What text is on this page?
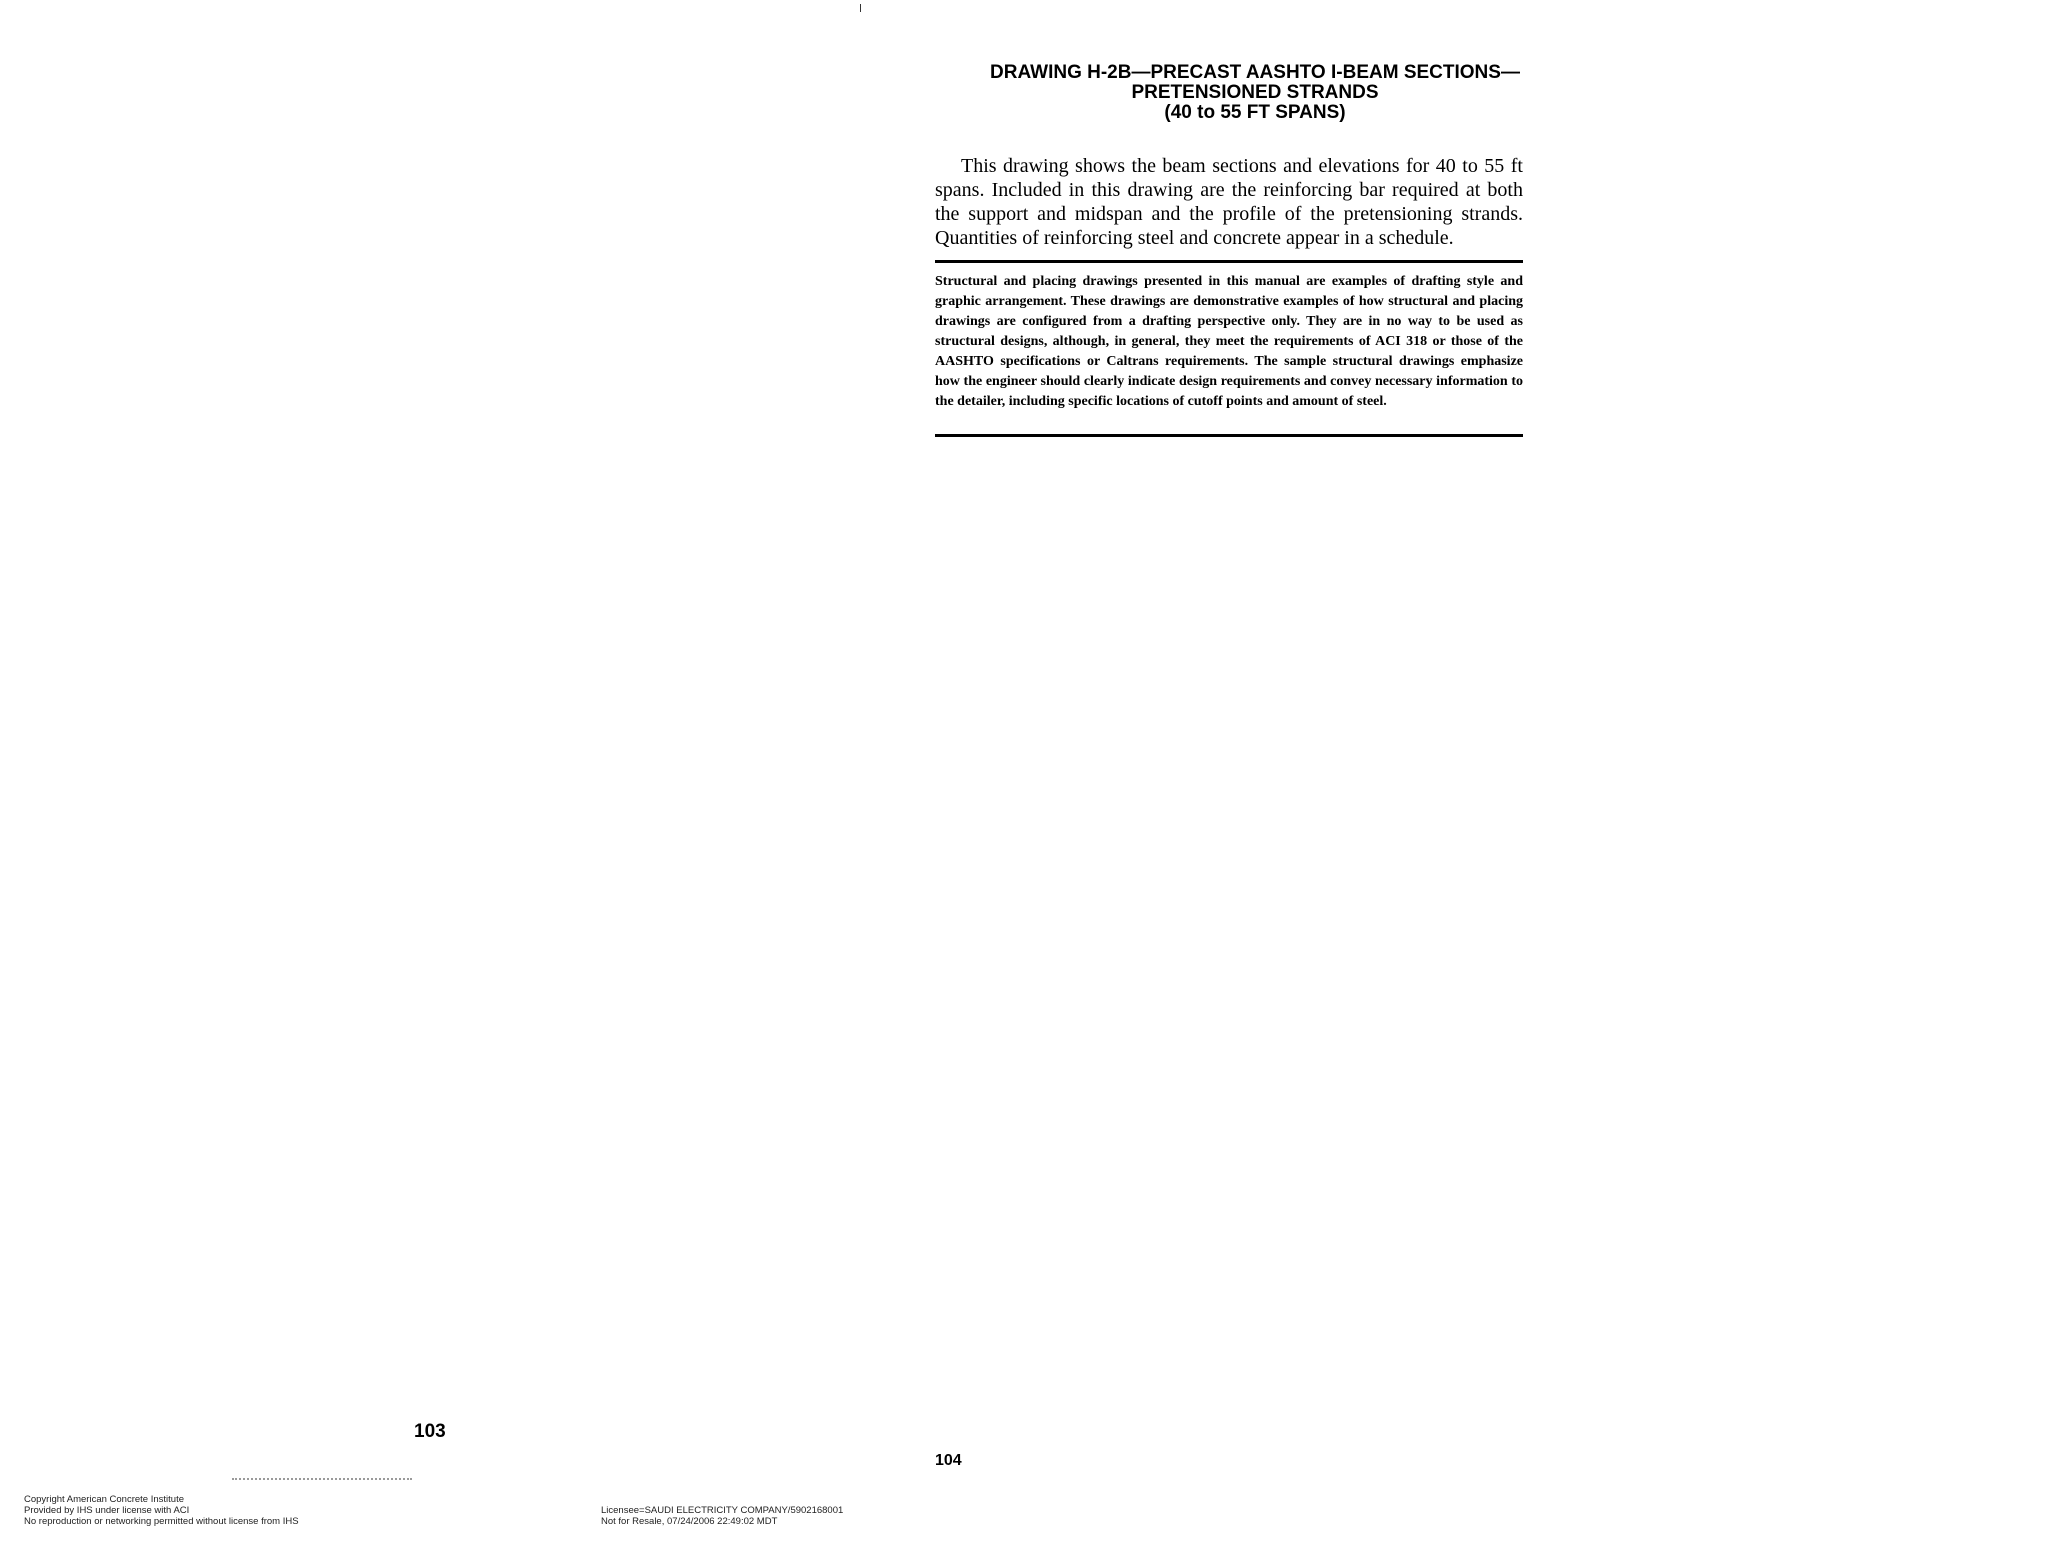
DRAWING H-2B—PRECAST AASHTO I-BEAM SECTIONS—
PRETENSIONED STRANDS
(40 to 55 FT SPANS)

This drawing shows the beam sections and elevations for 40 to 55 ft spans. Included in this drawing are the reinforcing bar required at both the support and midspan and the profile of the pretensioning strands. Quantities of reinforcing steel and concrete appear in a schedule.

Structural and placing drawings presented in this manual are examples of drafting style and graphic arrangement. These drawings are demonstrative examples of how structural and placing drawings are configured from a drafting perspective only. They are in no way to be used as structural designs, although, in general, they meet the requirements of ACI 318 or those of the AASHTO specifications or Caltrans requirements. The sample structural drawings emphasize how the engineer should clearly indicate design requirements and convey necessary information to the detailer, including specific locations of cutoff points and amount of steel.

103

104

Copyright American Concrete Institute
Provided by IHS under license with ACI
No reproduction or networking permitted without license from IHS
Licensee=SAUDI ELECTRICITY COMPANY/5902168001
Not for Resale, 07/24/2006 22:49:02 MDT
